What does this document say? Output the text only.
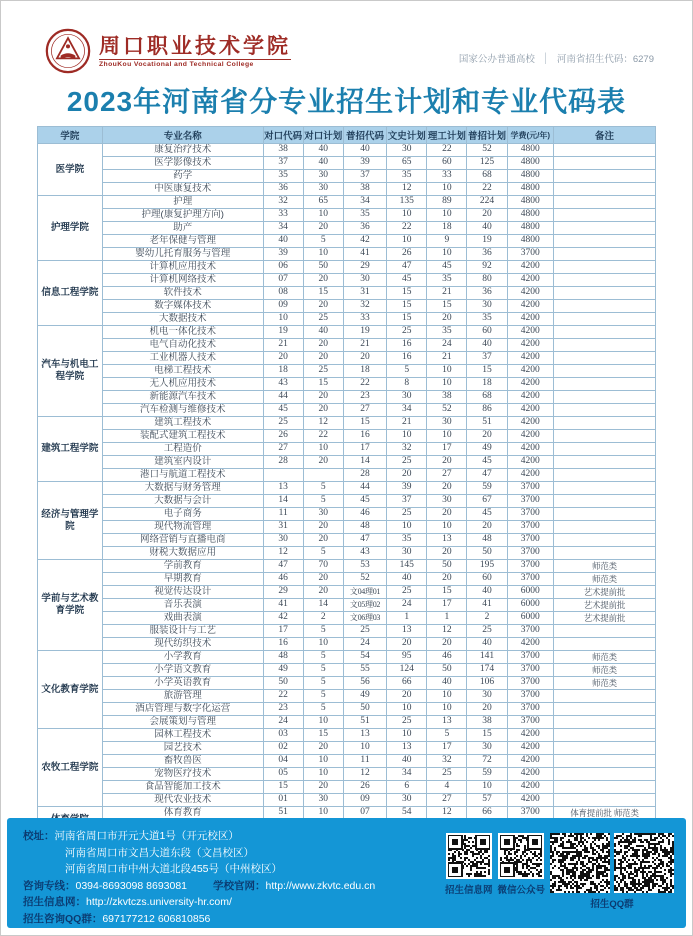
周口职业技术学院
ZhouKou Vocational and Technical College	国家公办普通高校 │ 河南省招生代码：6279
2023年河南省分专业招生计划和专业代码表
学院	专业名称	对口代码	对口计划	普招代码	文史计划	理工计划	普招计划	学费(元/年)	备注
医学院	康复治疗技术	38	40	40	30	22	52	4800	
	医学影像技术	37	40	39	65	60	125	4800	
	药学	35	30	37	35	33	68	4800	
	中医康复技术	36	30	38	12	10	22	4800	
护理学院	护理	32	65	34	135	89	224	4800	
	护理(康复护理方向)	33	10	35	10	10	20	4800	
	助产	34	20	36	22	18	40	4800	
	老年保健与管理	40	5	42	10	9	19	4800	
	婴幼儿托育服务与管理	39	10	41	26	10	36	3700	
信息工程学院	计算机应用技术	06	50	29	47	45	92	4200	
	计算机网络技术	07	20	30	45	35	80	4200	
	软件技术	08	15	31	15	21	36	4200	
	数字媒体技术	09	20	32	15	15	30	4200	
	大数据技术	10	25	33	15	20	35	4200	
汽车与机电工程学院	机电一体化技术	19	40	19	25	35	60	4200	
	电气自动化技术	21	20	21	16	24	40	4200	
	工业机器人技术	20	20	20	16	21	37	4200	
	电梯工程技术	18	25	18	5	10	15	4200	
	无人机应用技术	43	15	22	8	10	18	4200	
	新能源汽车技术	44	20	23	30	38	68	4200	
	汽车检测与维修技术	45	20	27	34	52	86	4200	
建筑工程学院	建筑工程技术	25	12	15	21	30	51	4200	
	装配式建筑工程技术	26	22	16	10	10	20	4200	
	工程造价	27	10	17	32	17	49	4200	
	建筑室内设计	28	20	14	25	20	45	4200	
	港口与航道工程技术			28	20	27	47	4200	
经济与管理学院	大数据与财务管理	13	5	44	39	20	59	3700	
	大数据与会计	14	5	45	37	30	67	3700	
	电子商务	11	30	46	25	20	45	3700	
	现代物流管理	31	20	48	10	10	20	3700	
	网络营销与直播电商	30	20	47	35	13	48	3700	
	财税大数据应用	12	5	43	30	20	50	3700	
学前与艺术教育学院	学前教育	47	70	53	145	50	195	3700	师范类
	早期教育	46	20	52	40	20	60	3700	师范类
	视觉传达设计	29	20	文04理01	25	15	40	6000	艺术提前批
	音乐表演	41	14	文05理02	24	17	41	6000	艺术提前批
	戏曲表演	42	2	文06理03	1	1	2	6000	艺术提前批
	服装设计与工艺	17	5	25	13	12	25	3700	
	现代纺织技术	16	10	24	20	20	40	4200	
文化教育学院	小学教育	48	5	54	95	46	141	3700	师范类
	小学语文教育	49	5	55	124	50	174	3700	师范类
	小学英语教育	50	5	56	66	40	106	3700	师范类
	旅游管理	22	5	49	20	10	30	3700	
	酒店管理与数字化运营	23	5	50	10	10	20	3700	
	会展策划与管理	24	10	51	25	13	38	3700	
农牧工程学院	园林工程技术	03	15	13	10	5	15	4200	
	园艺技术	02	20	10	13	17	30	4200	
	畜牧兽医	04	10	11	40	32	72	4200	
	宠物医疗技术	05	10	12	34	25	59	4200	
	食品智能加工技术	15	20	26	6	4	10	4200	
	现代农业技术	01	30	09	30	27	57	4200	
	体育教育	51	10	07	54	12	66	3700	体育提前批 师范类

校址：河南省周口市开元大道1号（开元校区）
河南省周口市文昌大道东段（文昌校区）
河南省周口市中州大道北段455号（中州校区）
咨询专线：0394-8693098 8693081 学校官网：http://www.zkvtc.edu.cn
招生信息网：http://zkvtczs.university-hr.com/
招生咨询QQ群：697177212 606810856
招生信息网 微信公众号
招生QQ群
